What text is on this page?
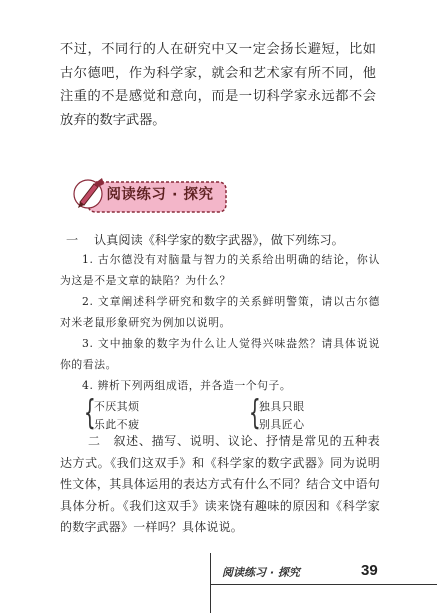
不过，不同行的人在研究中又一定会扬长避短，比如古尔德吧，作为科学家，就会和艺术家有所不同，他注重的不是感觉和意向，而是一切科学家永远都不会放弃的数字武器。

阅读练习 · 探究
一 认真阅读《科学家的数字武器》，做下列练习。

1. 古尔德没有对脑量与智力的关系给出明确的结论，你认为这是不是文章的缺陷？为什么？

2. 文章阐述科学研究和数字的关系鲜明警策，请以古尔德对米老鼠形象研究为例加以说明。

3. 文中抽象的数字为什么让人觉得兴味盎然？请具体说说你的看法。

4. 辨析下列两组成语，并各造一个句子。

{
不厌其烦
乐此不疲	{
独具只眼
别具匠心

二　 叙述、描写、说明、议论、抒情是常见的五种表达方式。《我们这双手》和《科学家的数字武器》同为说明性文体，其具体运用的表达方式有什么不同？结合文中语句具体分析。《我们这双手》读来饶有趣味的原因和《科学家的数字武器》一样吗？具体说说。

阅读练习 · 探究	39
